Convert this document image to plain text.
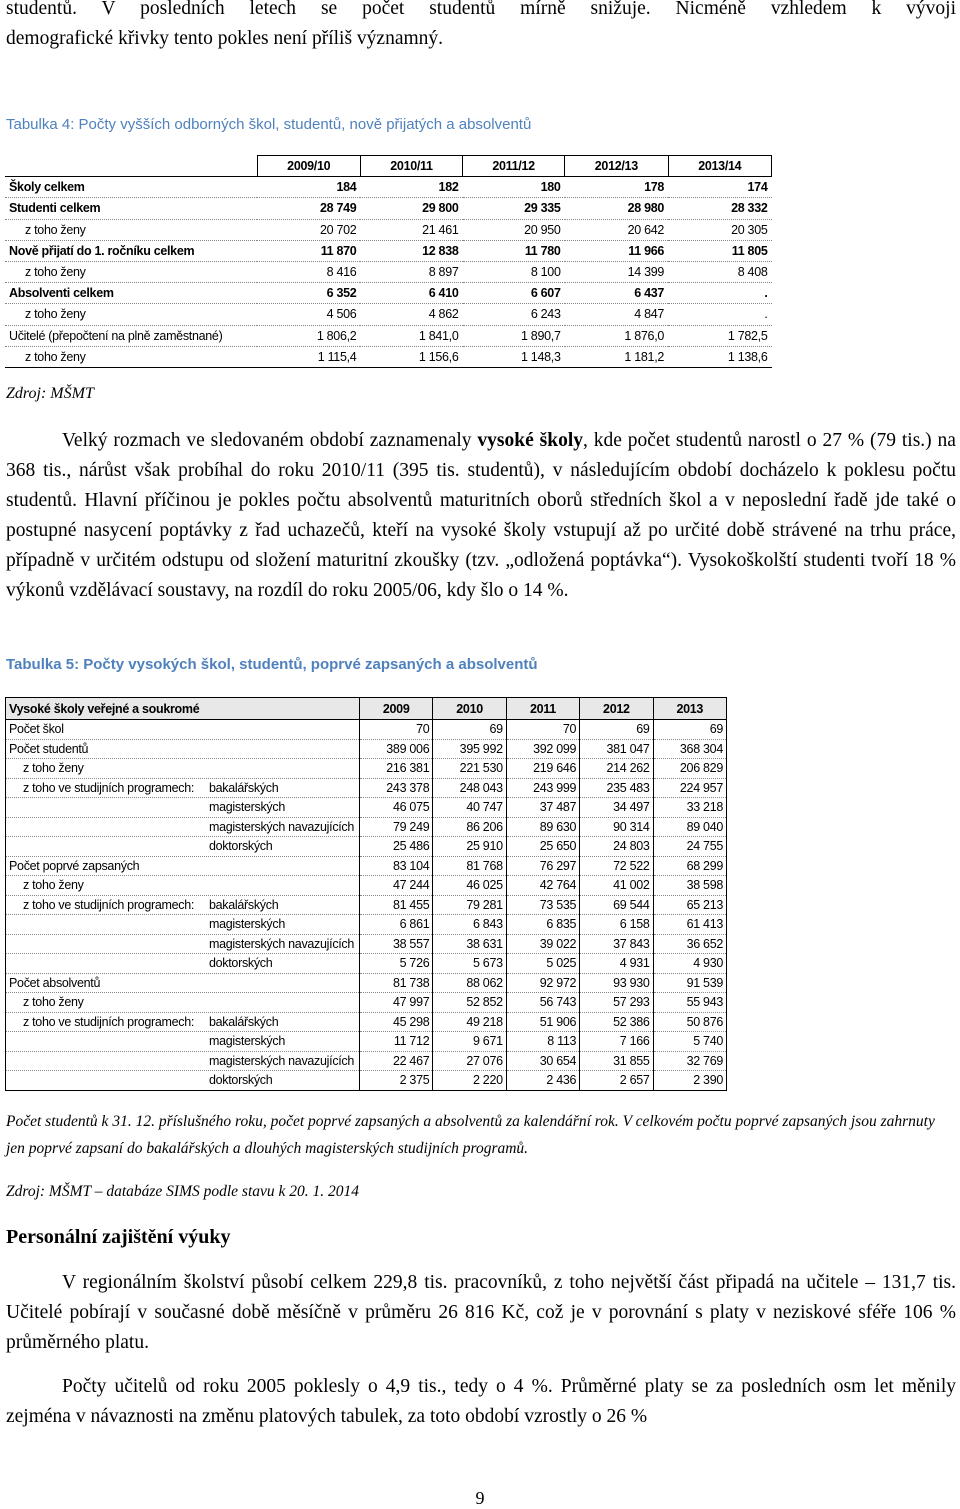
studentů. V posledních letech se počet studentů mírně snižuje. Nicméně vzhledem k vývoji
demografické křivky tento pokles není příliš významný.
Tabulka 4: Počty vyšších odborných škol, studentů, nově přijatých a absolventů
	2009/10	2010/11	2011/12	2012/13	2013/14
Školy celkem	184	182	180	178	174
Studenti celkem	28 749	29 800	29 335	28 980	28 332
z toho ženy	20 702	21 461	20 950	20 642	20 305
Nově přijatí do 1. ročníku celkem	11 870	12 838	11 780	11 966	11 805
z toho ženy	8 416	8 897	8 100	14 399	8 408
Absolventi celkem	6 352	6 410	6 607	6 437	.
z toho ženy	4 506	4 862	6 243	4 847	.
Učitelé (přepočtení na plně zaměstnané)	1 806,2	1 841,0	1 890,7	1 876,0	1 782,5
z toho ženy	1 115,4	1 156,6	1 148,3	1 181,2	1 138,6
Zdroj: MŠMT
Velký rozmach ve sledovaném období zaznamenaly vysoké školy, kde počet studentů narostl o 27 % (79 tis.) na 368 tis., nárůst však probíhal do roku 2010/11 (395 tis. studentů), v následujícím období docházelo k poklesu počtu studentů. Hlavní příčinou je pokles počtu absolventů maturitních oborů středních škol a v neposlední řadě jde také o postupné nasycení poptávky z řad uchazečů, kteří na vysoké školy vstupují až po určité době strávené na trhu práce, případně v určitém odstupu od složení maturitní zkoušky (tzv. „odložená poptávka“). Vysokoškolští studenti tvoří 18 % výkonů vzdělávací soustavy, na rozdíl do roku 2005/06, kdy šlo o 14 %.
Tabulka 5: Počty vysokých škol, studentů, poprvé zapsaných a absolventů
Vysoké školy veřejné a soukromé	2009	2010	2011	2012	2013
Počet škol	70	69	70	69	69
Počet studentů	389 006	395 992	392 099	381 047	368 304
z toho ženy	216 381	221 530	219 646	214 262	206 829
z toho ve studijních programech: bakalářských	243 378	248 043	243 999	235 483	224 957
magisterských	46 075	40 747	37 487	34 497	33 218
magisterských navazujících	79 249	86 206	89 630	90 314	89 040
doktorských	25 486	25 910	25 650	24 803	24 755
Počet poprvé zapsaných	83 104	81 768	76 297	72 522	68 299
z toho ženy	47 244	46 025	42 764	41 002	38 598
z toho ve studijních programech: bakalářských	81 455	79 281	73 535	69 544	65 213
magisterských	6 861	6 843	6 835	6 158	61 413
magisterských navazujících	38 557	38 631	39 022	37 843	36 652
doktorských	5 726	5 673	5 025	4 931	4 930
Počet absolventů	81 738	88 062	92 972	93 930	91 539
z toho ženy	47 997	52 852	56 743	57 293	55 943
z toho ve studijních programech: bakalářských	45 298	49 218	51 906	52 386	50 876
magisterských	11 712	9 671	8 113	7 166	5 740
magisterských navazujících	22 467	27 076	30 654	31 855	32 769
doktorských	2 375	2 220	2 436	2 657	2 390
Počet studentů k 31. 12. příslušného roku, počet poprvé zapsaných a absolventů za kalendářní rok. V celkovém počtu poprvé zapsaných jsou zahrnuty jen poprvé zapsaní do bakalářských a dlouhých magisterských studijních programů.
Zdroj: MŠMT – databáze SIMS podle stavu k 20. 1. 2014
Personální zajištění výuky
V regionálním školství působí celkem 229,8 tis. pracovníků, z toho největší část připadá na učitele – 131,7 tis. Učitelé pobírají v současné době měsíčně v průměru 26 816 Kč, což je v porovnání s platy v neziskové sféře 106 % průměrného platu.
Počty učitelů od roku 2005 poklesly o 4,9 tis., tedy o 4 %. Průměrné platy se za posledních osm let měnily zejména v návaznosti na změnu platových tabulek, za toto období vzrostly o 26 %
9
